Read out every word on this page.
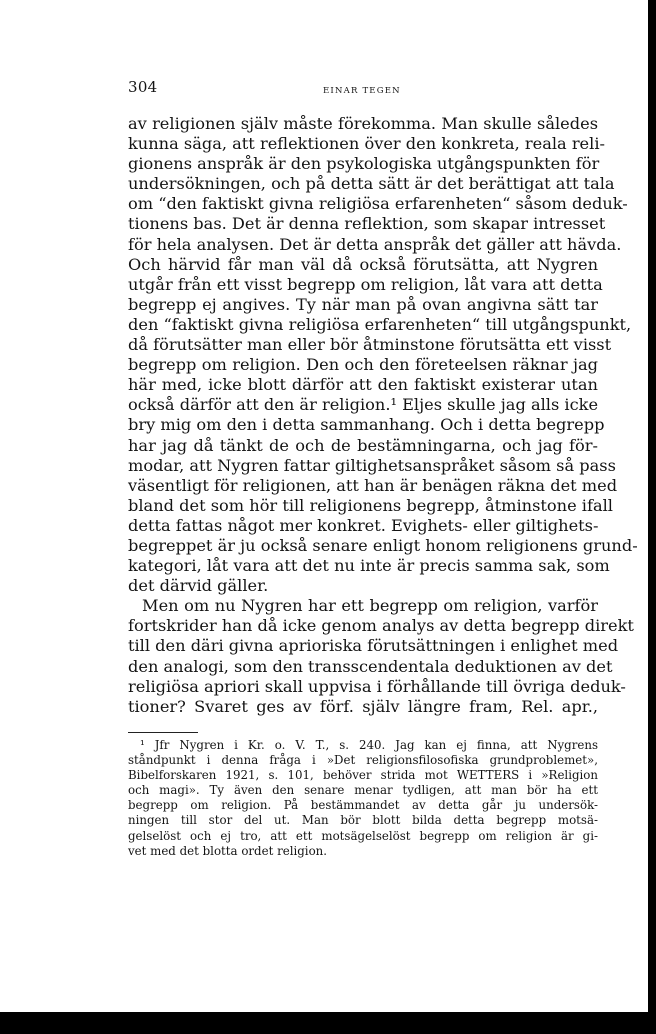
304	EINAR TEGEN
av religionen själv måste förekomma. Man skulle således
kunna säga, att reflektionen över den konkreta, reala reli-
gionens anspråk är den psykologiska utgångspunkten för
undersökningen, och på detta sätt är det berättigat att tala
om “den faktiskt givna religiösa erfarenheten“ såsom deduk-
tionens bas. Det är denna reflektion, som skapar intresset
för hela analysen. Det är detta anspråk det gäller att hävda.
Och härvid får man väl då också förutsätta, att Nygren
utgår från ett visst begrepp om religion, låt vara att detta
begrepp ej angives. Ty när man på ovan angivna sätt tar
den “faktiskt givna religiösa erfarenheten“ till utgångspunkt,
då förutsätter man eller bör åtminstone förutsätta ett visst
begrepp om religion. Den och den företeelsen räknar jag
här med, icke blott därför att den faktiskt existerar utan
också därför att den är religion.¹ Eljes skulle jag alls icke
bry mig om den i detta sammanhang. Och i detta begrepp
har jag då tänkt de och de bestämningarna, och jag för-
modar, att Nygren fattar giltighetsanspråket såsom så pass
väsentligt för religionen, att han är benägen räkna det med
bland det som hör till religionens begrepp, åtminstone ifall
detta fattas något mer konkret. Evighets- eller giltighets-
begreppet är ju också senare enligt honom religionens grund-
kategori, låt vara att det nu inte är precis samma sak, som
det därvid gäller.
Men om nu Nygren har ett begrepp om religion, varför
fortskrider han då icke genom analys av detta begrepp direkt
till den däri givna aprioriska förutsättningen i enlighet med
den analogi, som den transscendentala deduktionen av det
religiösa apriori skall uppvisa i förhållande till övriga deduk-
tioner? Svaret ges av förf. själv längre fram, Rel. apr.,
¹ Jfr Nygren i Kr. o. V. T., s. 240. Jag kan ej finna, att Nygrens
ståndpunkt i denna fråga i »Det religionsfilosofiska grundproblemet»,
Bibelforskaren 1921, s. 101, behöver strida mot WETTERS i »Religion
och magi». Ty även den senare menar tydligen, att man bör ha ett
begrepp om religion. På bestämmandet av detta går ju undersök-
ningen till stor del ut. Man bör blott bilda detta begrepp motsä-
gelselöst och ej tro, att ett motsägelselöst begrepp om religion är gi-
vet med det blotta ordet religion.
